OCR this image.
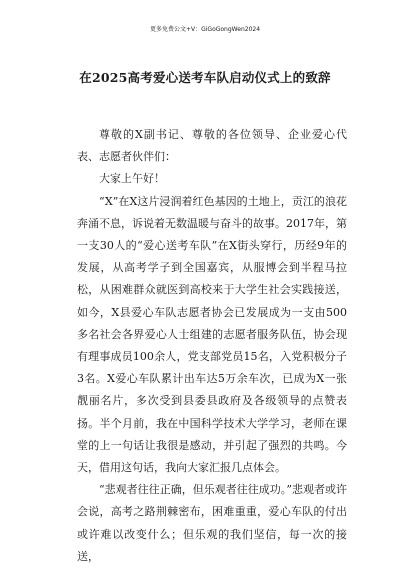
更多免费公文+V：GiGoGongWen2024
在2025高考爱心送考车队启动仪式上的致辞

尊敬的X副书记、尊敬的各位领导、企业爱心代表、志愿者伙伴们：

大家上午好！

“X”在X这片浸润着红色基因的土地上，贡江的浪花奔涌不息，诉说着无数温暖与奋斗的故事。2017年，第一支30人的“爱心送考车队”在X街头穿行，历经9年的发展，从高考学子到全国嘉宾，从服博会到半程马拉松，从困难群众就医到高校来于大学生社会实践接送，如今，X县爱心车队志愿者协会已发展成为一支由500多名社会各界爱心人士组建的志愿者服务队伍，协会现有理事成员100余人，党支部党员15名，入党积极分子3名。X爱心车队累计出车达5万余车次，已成为X一张靓丽名片，多次受到县委县政府及各级领导的点赞表扬。半个月前，我在中国科学技术大学学习，老师在课堂的上一句话让我很是感动，并引起了强烈的共鸣。今天，借用这句话，我向大家汇报几点体会。

“悲观者往往正确，但乐观者往往成功。”悲观者或许会说，高考之路荆棘密布，困难重重，爱心车队的付出或许难以改变什么；但乐观的我们坚信，每一次的接送，
